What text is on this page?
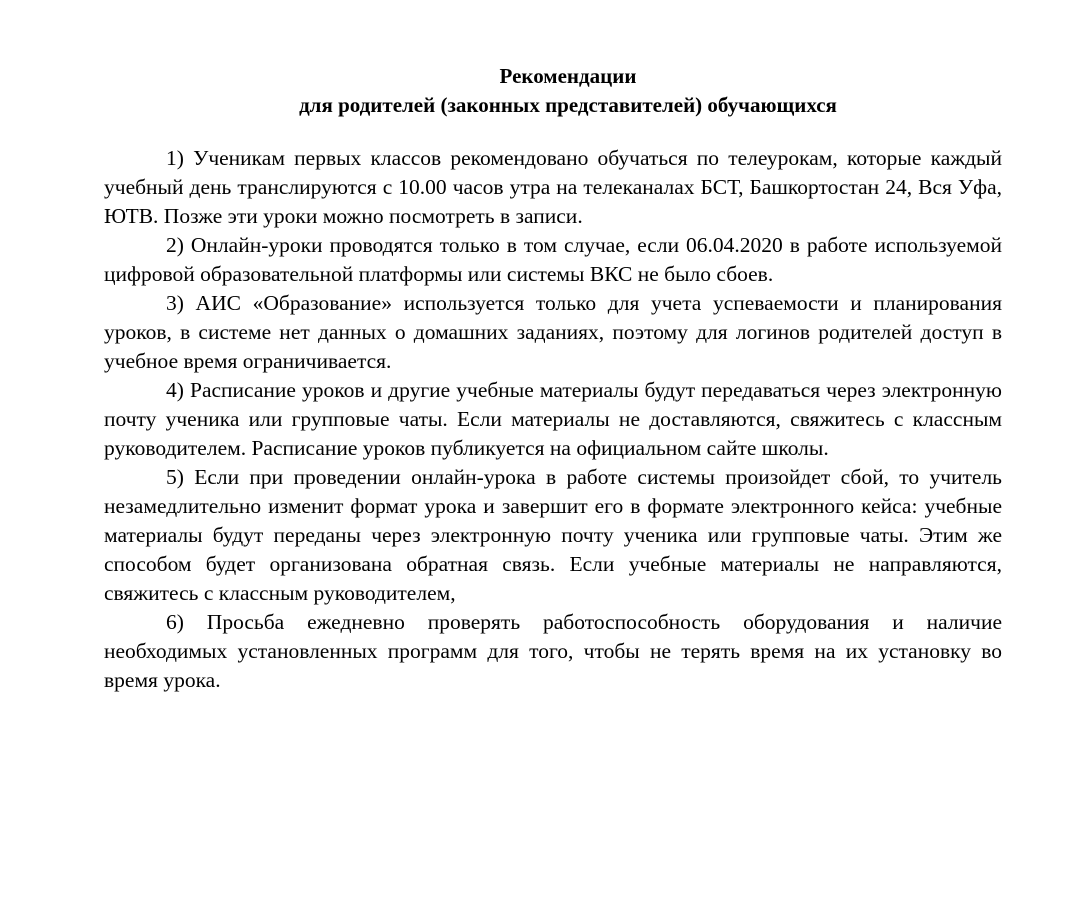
Рекомендации
для родителей (законных представителей) обучающихся

1) Ученикам первых классов рекомендовано обучаться по телеурокам, которые каждый учебный день транслируются с 10.00 часов утра на телеканалах БСТ, Башкортостан 24, Вся Уфа, ЮТВ. Позже эти уроки можно посмотреть в записи.

2) Онлайн-уроки проводятся только в том случае, если 06.04.2020 в работе используемой цифровой образовательной платформы или системы ВКС не было сбоев.

3) АИС «Образование» используется только для учета успеваемости и планирования уроков, в системе нет данных о домашних заданиях, поэтому для логинов родителей доступ в учебное время ограничивается.

4) Расписание уроков и другие учебные материалы будут передаваться через электронную почту ученика или групповые чаты. Если материалы не доставляются, свяжитесь с классным руководителем. Расписание уроков публикуется на официальном сайте школы.

5) Если при проведении онлайн-урока в работе системы произойдет сбой, то учитель незамедлительно изменит формат урока и завершит его в формате электронного кейса: учебные материалы будут переданы через электронную почту ученика или групповые чаты. Этим же способом будет организована обратная связь. Если учебные материалы не направляются, свяжитесь с классным руководителем,

6) Просьба ежедневно проверять работоспособность оборудования и наличие необходимых установленных программ для того, чтобы не терять время на их установку во время урока.
